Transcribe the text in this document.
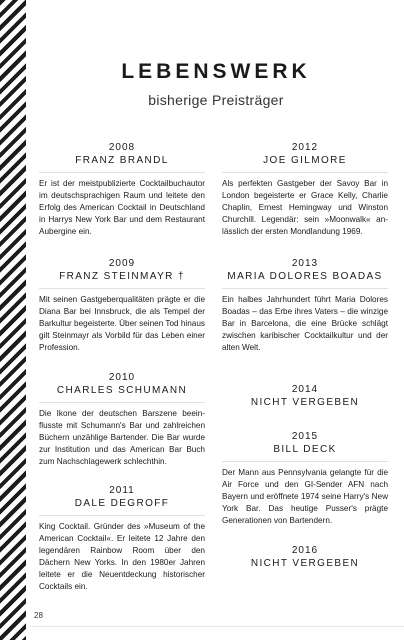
LEBENSWERK
bisherige Preisträger
2008
FRANZ BRANDL

Er ist der meistpublizierte Cocktailbuchautor im deutschsprachigen Raum und leitete den Erfolg des American Cocktail in Deutschland in Harrys New York Bar und dem Restaurant Aubergine ein.

2009
FRANZ STEINMAYR †

Mit seinen Gastgeberqualitäten prägte er die Diana Bar bei Innsbruck, die als Tempel der Barkultur begeisterte. Über seinen Tod hinaus gilt Steinmayr als Vorbild für das Leben einer Profession.

2010
CHARLES SCHUMANN

Die Ikone der deutschen Barszene beeinflusste mit Schumann's Bar und zahlreichen Büchern unzählige Bartender. Die Bar wurde zur Institution und das American Bar Buch zum Nachschlagewerk schlechthin.

2011
DALE DEGROFF

King Cocktail. Gründer des »Museum of the American Cocktail«. Er leitete 12 Jahre den legendären Rainbow Room über den Dächern New Yorks. In den 1980er Jahren leitete er die Neuentdeckung historischer Cocktails ein.

2012
JOE GILMORE

Als perfekten Gastgeber der Savoy Bar in London begeisterte er Grace Kelly, Charlie Chaplin, Ernest Hemingway und Winston Churchill. Legendär: sein »Moonwalk« anlässlich der ersten Mondlandung 1969.

2013
MARIA DOLORES BOADAS

Ein halbes Jahrhundert führt Maria Dolores Boadas – das Erbe ihres Vaters – die winzige Bar in Barcelona, die eine Brücke schlägt zwischen karibischer Cocktailkultur und der alten Welt.

2014
NICHT VERGEBEN
2015
BILL DECK

Der Mann aus Pennsylvania gelangte für die Air Force und den GI-Sender AFN nach Bayern und eröffnete 1974 seine Harry's New York Bar. Das heutige Pusser's prägte Generationen von Bartendern.

2016
NICHT VERGEBEN
28
